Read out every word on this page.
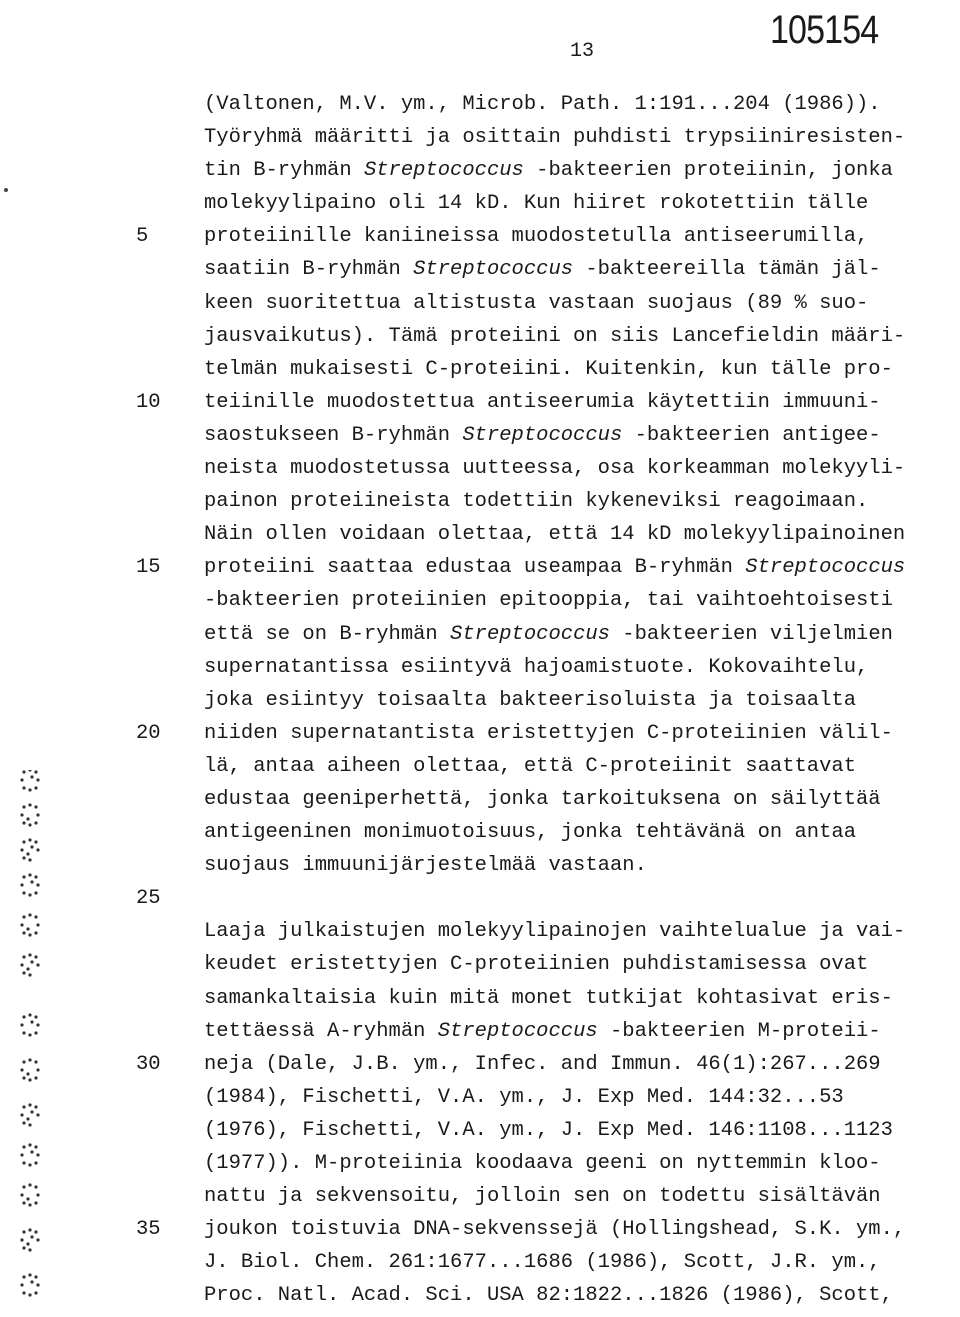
13	105154
5
10
15
20
25
30
35
(Valtonen, M.V. ym., Microb. Path. 1:191...204 (1986)).
Työryhmä määritti ja osittain puhdisti trypsiiniresisten-
tin B-ryhmän Streptococcus -bakteerien proteiinin, jonka
molekyylipaino oli 14 kD. Kun hiiret rokotettiin tälle
proteiinille kaniineissa muodostetulla antiseerumilla,
saatiin B-ryhmän Streptococcus -bakteereilla tämän jäl-
keen suoritettua altistusta vastaan suojaus (89 % suo-
jausvaikutus). Tämä proteiini on siis Lancefieldin määri-
telmän mukaisesti C-proteiini. Kuitenkin, kun tälle pro-
teiinille muodostettua antiseerumia käytettiin immuuni-
saostukseen B-ryhmän Streptococcus -bakteerien antigee-
neista muodostetussa uutteessa, osa korkeamman molekyyli-
painon proteiineista todettiin kykeneviksi reagoimaan.
Näin ollen voidaan olettaa, että 14 kD molekyylipainoinen
proteiini saattaa edustaa useampaa B-ryhmän Streptococcus
-bakteerien proteiinien epitooppia, tai vaihtoehtoisesti
että se on B-ryhmän Streptococcus -bakteerien viljelmien
supernatantissa esiintyvä hajoamistuote. Kokovaihtelu,
joka esiintyy toisaalta bakteerisoluista ja toisaalta
niiden supernatantista eristettyjen C-proteiinien välil-
lä, antaa aiheen olettaa, että C-proteiinit saattavat
edustaa geeniperhettä, jonka tarkoituksena on säilyttää
antigeeninen monimuotoisuus, jonka tehtävänä on antaa
suojaus immuunijärjestelmää vastaan.
Laaja julkaistujen molekyylipainojen vaihtelualue ja vai-
keudet eristettyjen C-proteiinien puhdistamisessa ovat
samankaltaisia kuin mitä monet tutkijat kohtasivat eris-
tettäessä A-ryhmän Streptococcus -bakteerien M-proteii-
neja (Dale, J.B. ym., Infec. and Immun. 46(1):267...269
(1984), Fischetti, V.A. ym., J. Exp Med. 144:32...53
(1976), Fischetti, V.A. ym., J. Exp Med. 146:1108...1123
(1977)). M-proteiinia koodaava geeni on nyttemmin kloo-
nattu ja sekvensoitu, jolloin sen on todettu sisältävän
joukon toistuvia DNA-sekvenssejä (Hollingshead, S.K. ym.,
J. Biol. Chem. 261:1677...1686 (1986), Scott, J.R. ym.,
Proc. Natl. Acad. Sci. USA 82:1822...1826 (1986), Scott,
